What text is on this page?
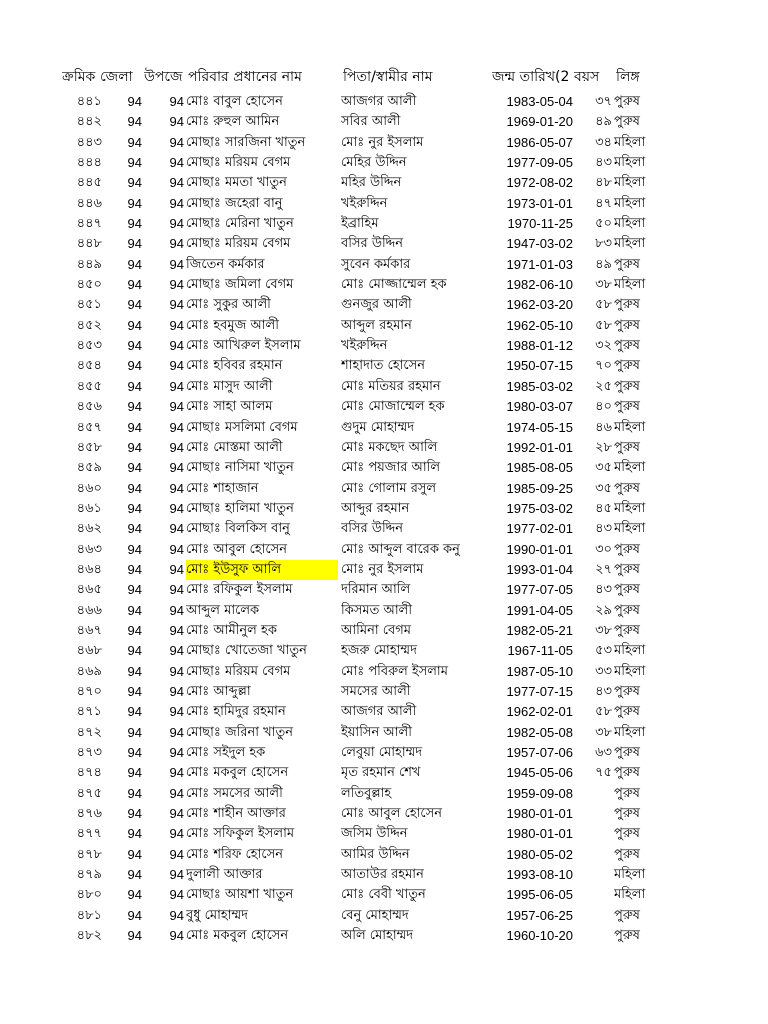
ক্রমিক জেলা উপজে পরিবার প্রধানের নাম	পিতা/স্বামীর নাম	জন্ম তারিখ(2 বয়স	লিঙ্গ
৪৪১	94	94 মোঃ বাবুল হোসেন	আজগর আলী	1983-05-04	৩৭ পুরুষ
৪৪২	94	94 মোঃ রুহুল আমিন	সবির আলী	1969-01-20	৪৯ পুরুষ
৪৪৩	94	94 মোছাঃ সারজিনা খাতুন	মোঃ নুর ইসলাম	1986-05-07	৩৪ মহিলা
৪৪৪	94	94 মোছাঃ মরিয়ম বেগম	মেহির উদ্দিন	1977-09-05	৪৩ মহিলা
৪৪৫	94	94 মোছাঃ মমতা খাতুন	মহির উদ্দিন	1972-08-02	৪৮ মহিলা
৪৪৬	94	94 মোছাঃ জহেরা বানু	খইরুদ্দিন	1973-01-01	৪৭ মহিলা
৪৪৭	94	94 মোছাঃ মেরিনা খাতুন	ইব্রাহিম	1970-11-25	৫০ মহিলা
৪৪৮	94	94 মোছাঃ মরিয়ম বেগম	বসির উদ্দিন	1947-03-02	৮৩ মহিলা
৪৪৯	94	94 জিতেন কর্মকার	সুবেন কর্মকার	1971-01-03	৪৯ পুরুষ
৪৫০	94	94 মোছাঃ জমিলা বেগম	মোঃ মোজ্জাম্মেল হক	1982-06-10	৩৮ মহিলা
৪৫১	94	94 মোঃ সুকুর আলী	গুনজুর আলী	1962-03-20	৫৮ পুরুষ
৪৫২	94	94 মোঃ হবমুজ আলী	আব্দুল রহমান	1962-05-10	৫৮ পুরুষ
৪৫৩	94	94 মোঃ আখিরুল ইসলাম	খইরুদ্দিন	1988-01-12	৩২ পুরুষ
৪৫৪	94	94 মোঃ হবিবর রহমান	শাহাদাত হোসেন	1950-07-15	৭০ পুরুষ
৪৫৫	94	94 মোঃ মাসুদ আলী	মোঃ মতিয়র রহমান	1985-03-02	২৫ পুরুষ
৪৫৬	94	94 মোঃ সাহা আলম	মোঃ মোজাম্মেল হক	1980-03-07	৪০ পুরুষ
৪৫৭	94	94 মোছাঃ মসলিমা বেগম	গুদুম মোহাম্মদ	1974-05-15	৪৬ মহিলা
৪৫৮	94	94 মোঃ মোস্তমা আলী	মোঃ মকছেদ আলি	1992-01-01	২৮ পুরুষ
৪৫৯	94	94 মোছাঃ নাসিমা খাতুন	মোঃ পয়জার আলি	1985-08-05	৩৫ মহিলা
৪৬০	94	94 মোঃ শাহাজান	মোঃ গোলাম রসুল	1985-09-25	৩৫ পুরুষ
৪৬১	94	94 মোছাঃ হালিমা খাতুন	আব্দুর রহমান	1975-03-02	৪৫ মহিলা
৪৬২	94	94 মোছাঃ বিলকিস বানু	বসির উদ্দিন	1977-02-01	৪৩ মহিলা
৪৬৩	94	94 মোঃ আবুল হোসেন	মোঃ আব্দুল বারেক কনু	1990-01-01	৩০ পুরুষ
৪৬৪	94	94 মোঃ ইউসুফ আলি	মোঃ নুর ইসলাম	1993-01-04	২৭ পুরুষ
৪৬৫	94	94 মোঃ রফিকুল ইসলাম	দরিমান আলি	1977-07-05	৪৩ পুরুষ
৪৬৬	94	94 আব্দুল মালেক	কিসমত আলী	1991-04-05	২৯ পুরুষ
৪৬৭	94	94 মোঃ আমীনুল হক	আমিনা বেগম	1982-05-21	৩৮ পুরুষ
৪৬৮	94	94 মোছাঃ খোতেজা খাতুন	হজরু মোহাম্মদ	1967-11-05	৫৩ মহিলা
৪৬৯	94	94 মোছাঃ মরিয়ম বেগম	মোঃ পবিরুল ইসলাম	1987-05-10	৩৩ মহিলা
৪৭০	94	94 মোঃ আব্দুল্লা	সমসের আলী	1977-07-15	৪৩ পুরুষ
৪৭১	94	94 মোঃ হামিদুর রহমান	আজগর আলী	1962-02-01	৫৮ পুরুষ
৪৭২	94	94 মোছাঃ জরিনা খাতুন	ইয়াসিন আলী	1982-05-08	৩৮ মহিলা
৪৭৩	94	94 মোঃ সইদুল হক	লেবুয়া মোহাম্মদ	1957-07-06	৬৩ পুরুষ
৪৭৪	94	94 মোঃ মকবুল হোসেন	মৃত রহমান শেখ	1945-05-06	৭৫ পুরুষ
৪৭৫	94	94 মোঃ সমসের আলী	লতিবুল্লাহ	1959-09-08	পুরুষ
৪৭৬	94	94 মোঃ শাহীন আক্তার	মোঃ আবুল হোসেন	1980-01-01	পুরুষ
৪৭৭	94	94 মোঃ সফিকুল ইসলাম	জসিম উদ্দিন	1980-01-01	পুরুষ
৪৭৮	94	94 মোঃ শরিফ হোসেন	আমির উদ্দিন	1980-05-02	পুরুষ
৪৭৯	94	94 দুলালী আক্তার	আতাউর রহমান	1993-08-10	মহিলা
৪৮০	94	94 মোছাঃ আয়শা খাতুন	মোঃ বেবী খাতুন	1995-06-05	মহিলা
৪৮১	94	94 বুধু মোহাম্মদ	বেনু মোহাম্মদ	1957-06-25	পুরুষ
৪৮২	94	94 মোঃ মকবুল হোসেন	অলি মোহাম্মদ	1960-10-20	পুরুষ
